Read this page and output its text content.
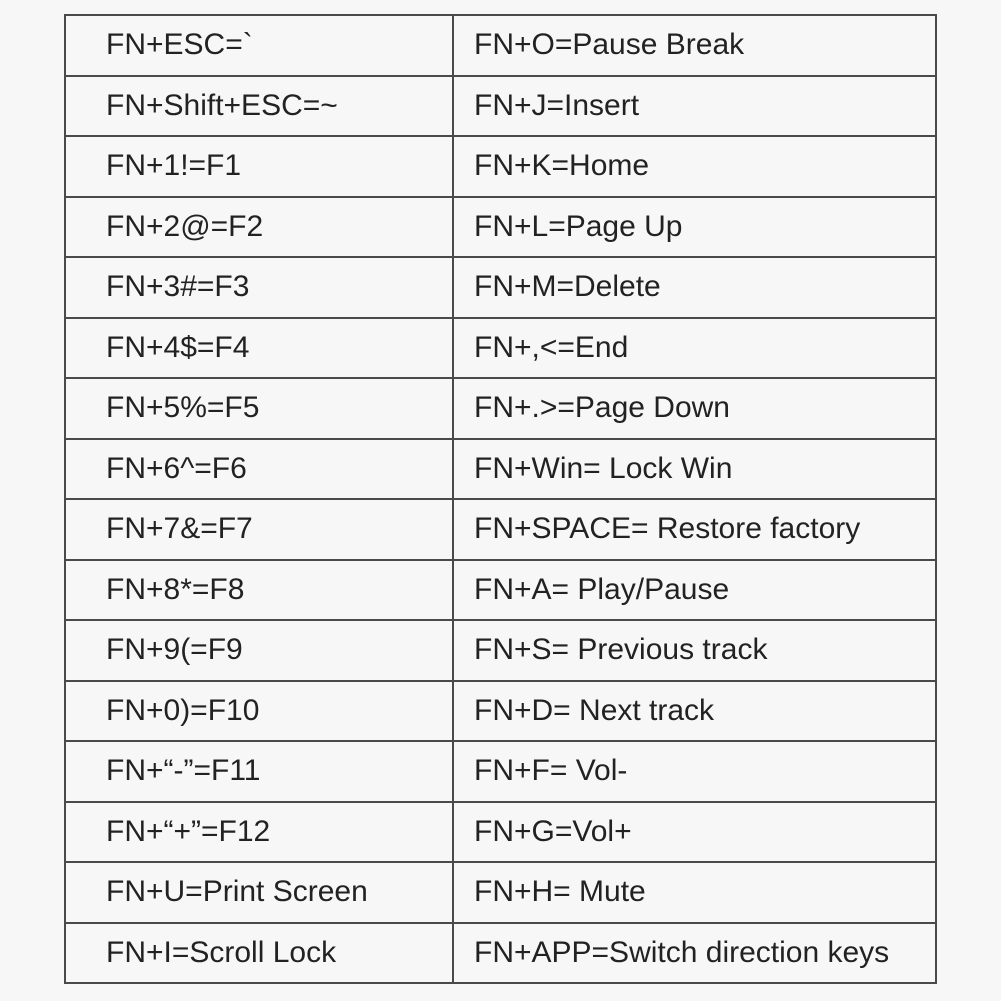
FN+ESC=`	FN+O=Pause Break
FN+Shift+ESC=~	FN+J=Insert
FN+1!=F1	FN+K=Home
FN+2@=F2	FN+L=Page Up
FN+3#=F3	FN+M=Delete
FN+4$=F4	FN+,<=End
FN+5%=F5	FN+.>=Page Down
FN+6^=F6	FN+Win= Lock Win
FN+7&=F7	FN+SPACE= Restore factory
FN+8*=F8	FN+A= Play/Pause
FN+9(=F9	FN+S= Previous track
FN+0)=F10	FN+D= Next track
FN+“-”=F11	FN+F= Vol-
FN+“+”=F12	FN+G=Vol+
FN+U=Print Screen	FN+H= Mute
FN+I=Scroll Lock	FN+APP=Switch direction keys
